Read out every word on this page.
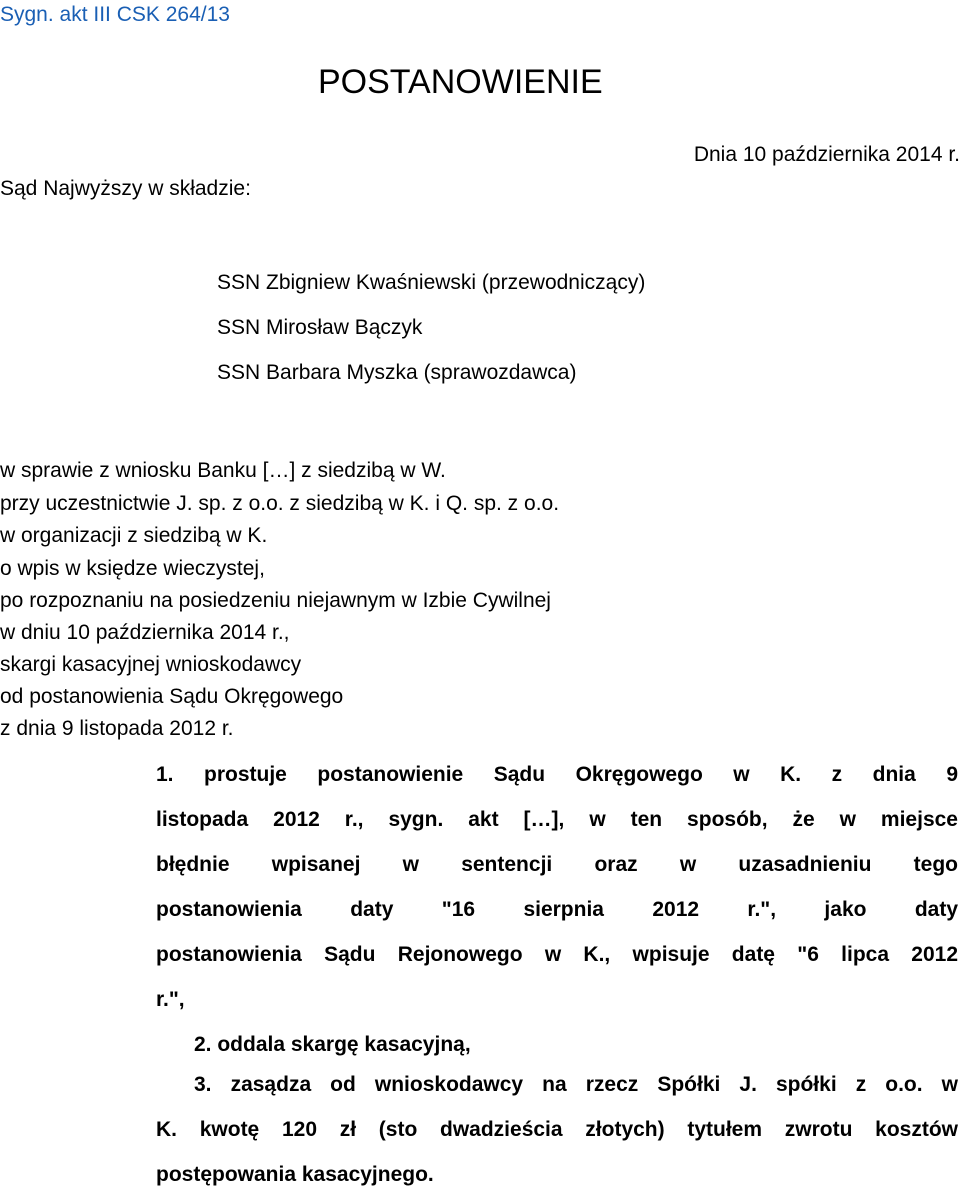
Sygn. akt III CSK 264/13
POSTANOWIENIE
Dnia 10 października 2014 r.
Sąd Najwyższy w składzie:
SSN Zbigniew Kwaśniewski (przewodniczący)
SSN Mirosław Bączyk
SSN Barbara Myszka (sprawozdawca)
w sprawie z wniosku Banku […] z siedzibą w W.
przy uczestnictwie J. sp. z o.o. z siedzibą w K. i Q. sp. z o.o.
w organizacji z siedzibą w K.
o wpis w księdze wieczystej,
po rozpoznaniu na posiedzeniu niejawnym w Izbie Cywilnej
w dniu 10 października 2014 r.,
skargi kasacyjnej wnioskodawcy
od postanowienia Sądu Okręgowego
z dnia 9 listopada 2012 r.
1. prostuje postanowienie Sądu Okręgowego w K. z dnia 9
listopada 2012 r., sygn. akt […], w ten sposób, że w miejsce
błędnie wpisanej w sentencji oraz w uzasadnieniu tego
postanowienia daty "16 sierpnia 2012 r.", jako daty
postanowienia Sądu Rejonowego w K., wpisuje datę "6 lipca 2012
r.",
2. oddala skargę kasacyjną,
3. zasądza od wnioskodawcy na rzecz Spółki J. spółki z o.o. w
K. kwotę 120 zł (sto dwadzieścia złotych) tytułem zwrotu kosztów
postępowania kasacyjnego.
